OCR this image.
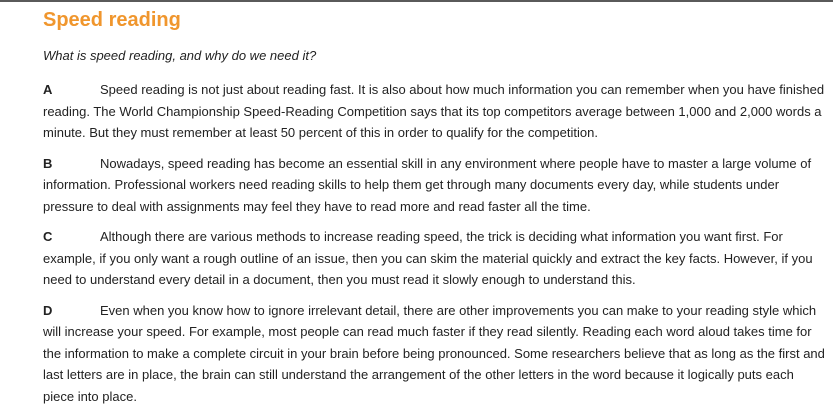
Speed reading

What is speed reading, and why do we need it?

A	Speed reading is not just about reading fast. It is also about how much information you can remember when you have finished reading. The World Championship Speed-Reading Competition says that its top competitors average between 1,000 and 2,000 words a minute. But they must remember at least 50 percent of this in order to qualify for the competition.

B	Nowadays, speed reading has become an essential skill in any environment where people have to master a large volume of information. Professional workers need reading skills to help them get through many documents every day, while students under pressure to deal with assignments may feel they have to read more and read faster all the time.

C	Although there are various methods to increase reading speed, the trick is deciding what information you want first. For example, if you only want a rough outline of an issue, then you can skim the material quickly and extract the key facts. However, if you need to understand every detail in a document, then you must read it slowly enough to understand this.

D	Even when you know how to ignore irrelevant detail, there are other improvements you can make to your reading style which will increase your speed. For example, most people can read much faster if they read silently. Reading each word aloud takes time for the information to make a complete circuit in your brain before being pronounced. Some researchers believe that as long as the first and last letters are in place, the brain can still understand the arrangement of the other letters in the word because it logically puts each piece into place.
